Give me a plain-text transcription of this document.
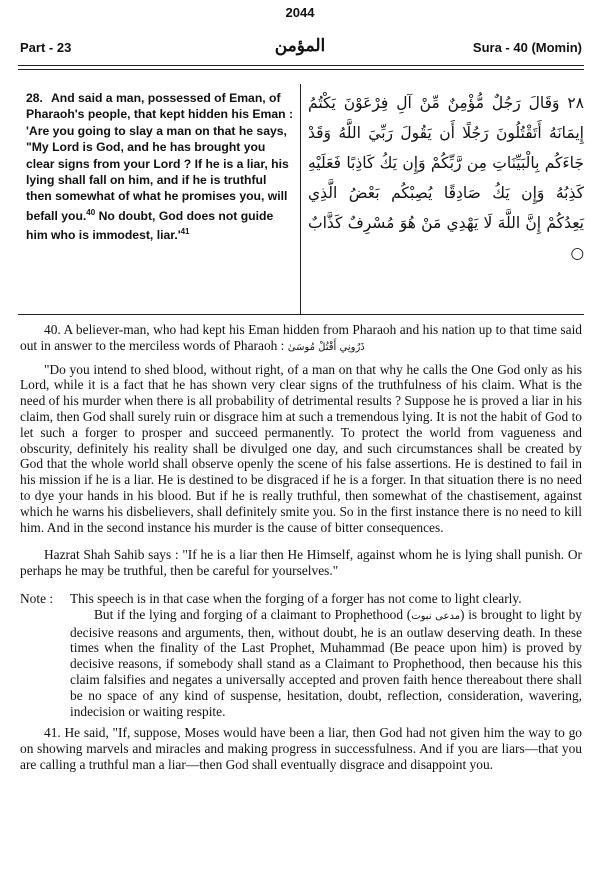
2044
Part - 23	المؤمن	Sura - 40 (Momin)

28. And said a man, possessed of Eman, of Pharaoh's people, that kept hidden his Eman : 'Are you going to slay a man on that he says, "My Lord is God, and he has brought you clear signs from your Lord ? If he is a liar, his lying shall fall on him, and if he is truthful then somewhat of what he promises you, will befall you.$^{40}$ No doubt, God does not guide him who is immodest, $liar.'^{41}$

٢٨ وَقَالَ رَجُلٌ مُّؤْمِنٌ مِّنْ آلِ فِرْعَوْنَ يَكْتُمُ إِيمَانَهُ أَتَقْتُلُونَ رَجُلًا أَن يَقُولَ رَبِّيَ اللَّهُ وَقَدْ جَاءَكُم بِالْبَيِّنَاتِ مِن رَّبِّكُمْ وَإِن يَكُ كَاذِبًا فَعَلَيْهِ كَذِبُهُ وَإِن يَكُ صَادِقًا يُصِبْكُم بَعْضُ الَّذِي يَعِدُكُمْ إِنَّ اللَّهَ لَا يَهْدِي مَنْ هُوَ مُسْرِفٌ كَذَّابٌ ○

40. A believer-man, who had kept his Eman hidden from Pharaoh and his nation up to that time said out in answer to the merciless words of Pharaoh : ذَرُونِي أَقْتُلْ مُوسَىٰ

"Do you intend to shed blood, without right, of a man on that why he calls the One God only as his Lord, while it is a fact that he has shown very clear signs of the truthfulness of his claim. What is the need of his murder when there is all probability of detrimental results ? Suppose he is proved a liar in his claim, then God shall surely ruin or disgrace him at such a tremendous lying. It is not the habit of God to let such a forger to prosper and succeed permanently. To protect the world from vagueness and obscurity, definitely his reality shall be divulged one day, and such circumstances shall be created by God that the whole world shall observe openly the scene of his false assertions. He is destined to fail in his mission if he is a liar. He is destined to be disgraced if he is a forger. In that situation there is no need to dye your hands in his blood. But if he is really truthful, then somewhat of the chastisement, against which he warns his disbelievers, shall definitely smite you. So in the first instance there is no need to kill him. And in the second instance his murder is the cause of bitter consequences.

Hazrat Shah Sahib says : "If he is a liar then He Himself, against whom he is lying shall punish. Or perhaps he may be truthful, then be careful for yourselves."

Note :	This speech is in that case when the forging of a forger has not come to light clearly.

But if the lying and forging of a claimant to Prophethood (مدعی نبوت) is brought to light by decisive reasons and arguments, then, without doubt, he is an outlaw deserving death. In these times when the finality of the Last Prophet, Muhammad (Be peace upon him) is proved by decisive reasons, if somebody shall stand as a Claimant to Prophethood, then because his this claim falsifies and negates a universally accepted and proven faith hence thereabout there shall be no space of any kind of suspense, hesitation, doubt, reflection, consideration, wavering, indecision or waiting respite.

41. He said, "If, suppose, Moses would have been a liar, then God had not given him the way to go on showing marvels and miracles and making progress in successfulness. And if you are liars—that you are calling a truthful man a liar—then God shall eventually disgrace and disappoint you.
